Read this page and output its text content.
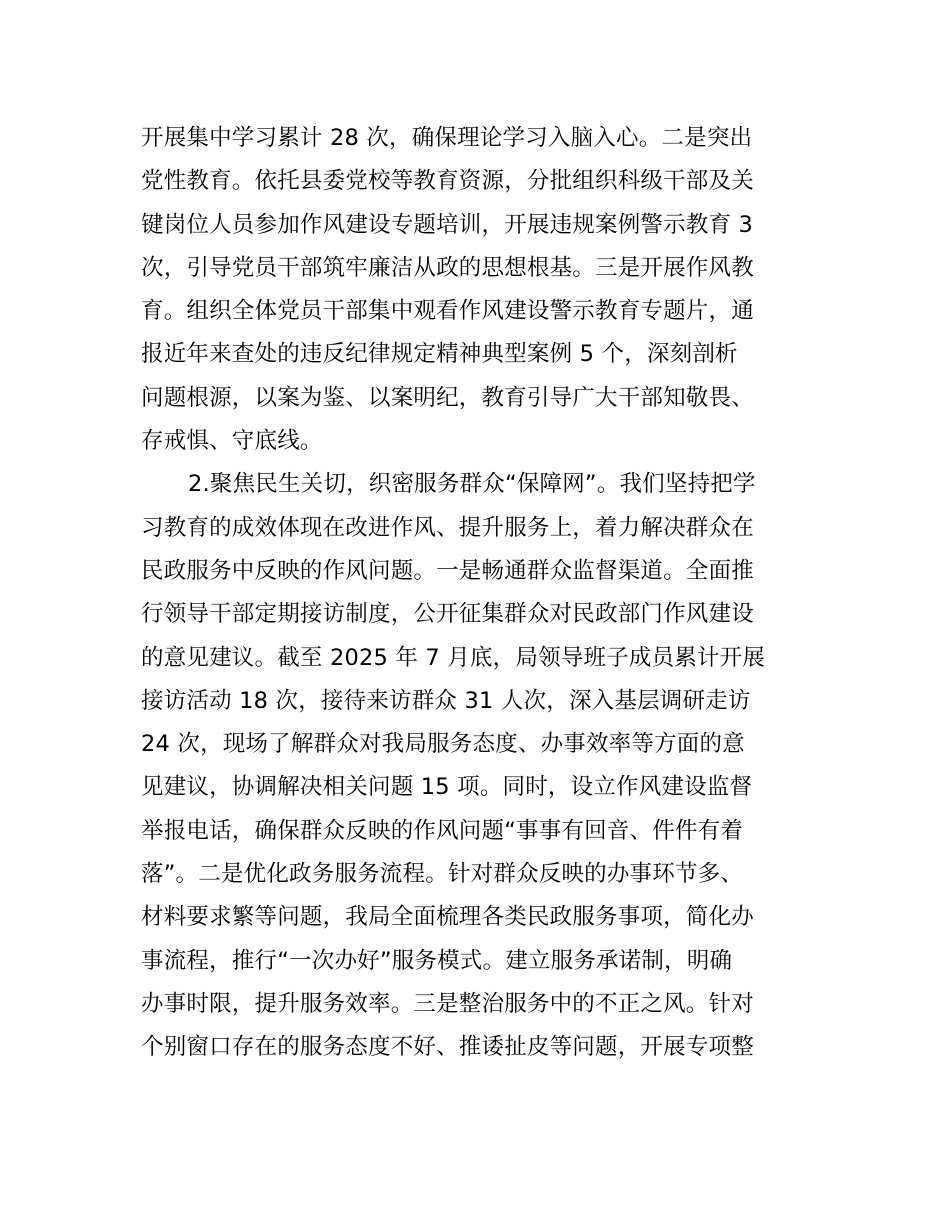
开展集中学习累计 28 次，确保理论学习入脑入心。二是突出
党性教育。依托县委党校等教育资源，分批组织科级干部及关
键岗位人员参加作风建设专题培训，开展违规案例警示教育 3
次，引导党员干部筑牢廉洁从政的思想根基。三是开展作风教
育。组织全体党员干部集中观看作风建设警示教育专题片，通
报近年来查处的违反纪律规定精神典型案例 5 个，深刻剖析
问题根源，以案为鉴、以案明纪，教育引导广大干部知敬畏、
存戒惧、守底线。
2.聚焦民生关切，织密服务群众“保障网”。我们坚持把学
习教育的成效体现在改进作风、提升服务上，着力解决群众在
民政服务中反映的作风问题。一是畅通群众监督渠道。全面推
行领导干部定期接访制度，公开征集群众对民政部门作风建设
的意见建议。截至 2025 年 7 月底，局领导班子成员累计开展
接访活动 18 次，接待来访群众 31 人次，深入基层调研走访
24 次，现场了解群众对我局服务态度、办事效率等方面的意
见建议，协调解决相关问题 15 项。同时，设立作风建设监督
举报电话，确保群众反映的作风问题“事事有回音、件件有着
落”。二是优化政务服务流程。针对群众反映的办事环节多、
材料要求繁等问题，我局全面梳理各类民政服务事项，简化办
事流程，推行“一次办好”服务模式。建立服务承诺制，明确
办事时限，提升服务效率。三是整治服务中的不正之风。针对
个别窗口存在的服务态度不好、推诿扯皮等问题，开展专项整
